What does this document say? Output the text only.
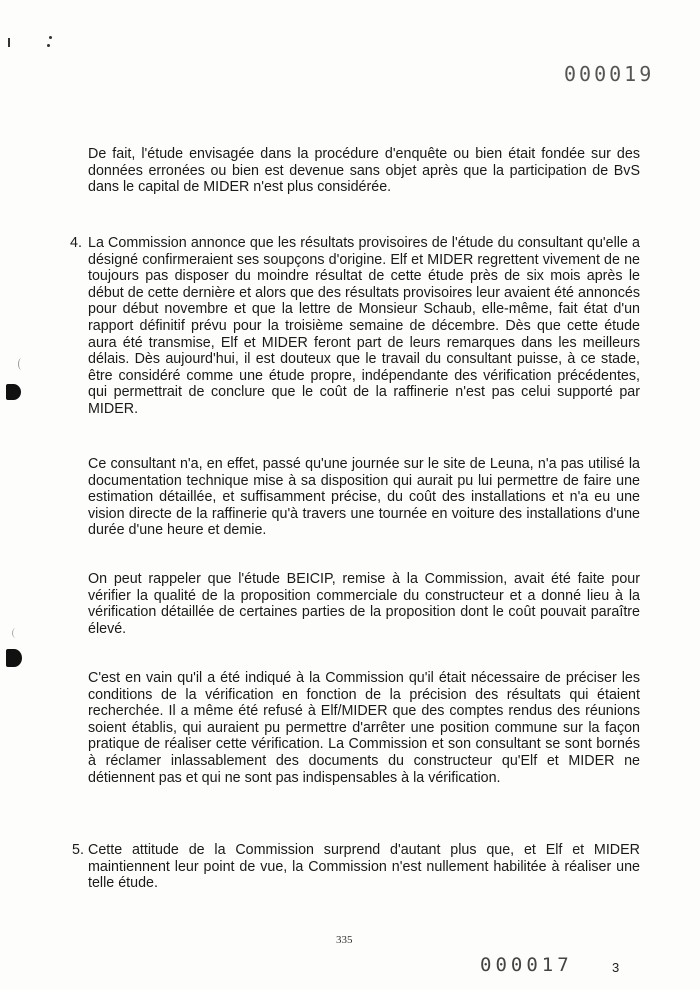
000019

De fait, l'étude envisagée dans la procédure d'enquête ou bien était fondée sur des données erronées ou bien est devenue sans objet après que la participation de BvS dans le capital de MIDER n'est plus considérée.

4. La Commission annonce que les résultats provisoires de l'étude du consultant qu'elle a désigné confirmeraient ses soupçons d'origine. Elf et MIDER regrettent vivement de ne toujours pas disposer du moindre résultat de cette étude près de six mois après le début de cette dernière et alors que des résultats provisoires leur avaient été annoncés pour début novembre et que la lettre de Monsieur Schaub, elle-même, fait état d'un rapport définitif prévu pour la troisième semaine de décembre. Dès que cette étude aura été transmise, Elf et MIDER feront part de leurs remarques dans les meilleurs délais. Dès aujourd'hui, il est douteux que le travail du consultant puisse, à ce stade, être considéré comme une étude propre, indépendante des vérification précédentes, qui permettrait de conclure que le coût de la raffinerie n'est pas celui supporté par MIDER.

Ce consultant n'a, en effet, passé qu'une journée sur le site de Leuna, n'a pas utilisé la documentation technique mise à sa disposition qui aurait pu lui permettre de faire une estimation détaillée, et suffisamment précise, du coût des installations et n'a eu une vision directe de la raffinerie qu'à travers une tournée en voiture des installations d'une durée d'une heure et demie.

On peut rappeler que l'étude BEICIP, remise à la Commission, avait été faite pour vérifier la qualité de la proposition commerciale du constructeur et a donné lieu à la vérification détaillée de certaines parties de la proposition dont le coût pouvait paraître élevé.

C'est en vain qu'il a été indiqué à la Commission qu'il était nécessaire de préciser les conditions de la vérification en fonction de la précision des résultats qui étaient recherchée. Il a même été refusé à Elf/MIDER que des comptes rendus des réunions soient établis, qui auraient pu permettre d'arrêter une position commune sur la façon pratique de réaliser cette vérification. La Commission et son consultant se sont bornés à réclamer inlassablement des documents du constructeur qu'Elf et MIDER ne détiennent pas et qui ne sont pas indispensables à la vérification.

5. Cette attitude de la Commission surprend d'autant plus que, et Elf et MIDER maintiennent leur point de vue, la Commission n'est nullement habilitée à réaliser une telle étude.

335
000017	3
